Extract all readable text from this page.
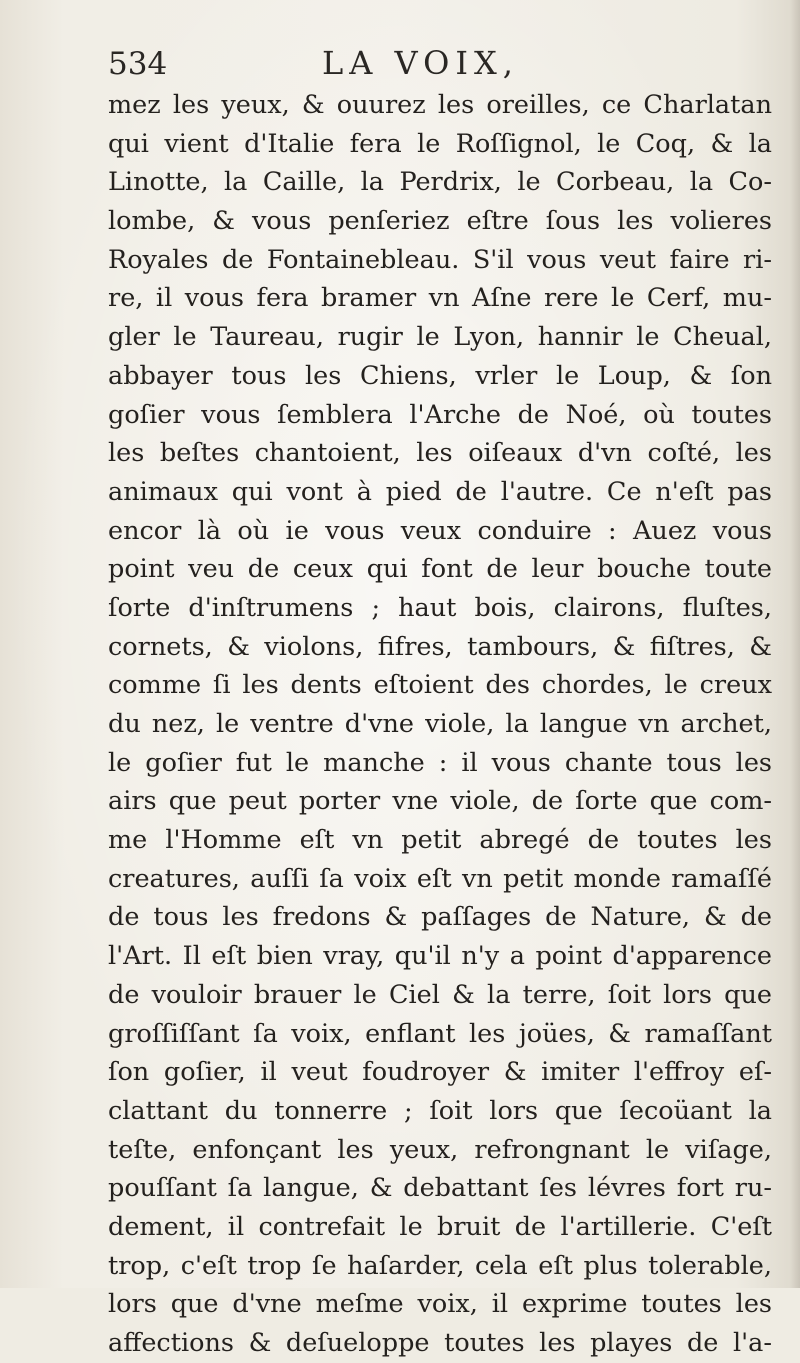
534	LA VOIX,
mez les yeux, & ouurez les oreilles, ce Charlatan
qui vient d'Italie fera le Roſſignol, le Coq, & la
Linotte, la Caille, la Perdrix, le Corbeau, la Co-
lombe, & vous penſeriez eſtre ſous les volieres
Royales de Fontainebleau. S'il vous veut faire ri-
re, il vous fera bramer vn Aſne rere le Cerf, mu-
gler le Taureau, rugir le Lyon, hannir le Cheual,
abbayer tous les Chiens, vrler le Loup, & ſon
goſier vous ſemblera l'Arche de Noé, où toutes
les beſtes chantoient, les oiſeaux d'vn coſté, les
animaux qui vont à pied de l'autre. Ce n'eſt pas
encor là où ie vous veux conduire : Auez vous
point veu de ceux qui font de leur bouche toute
ſorte d'inſtrumens ; haut bois, clairons, fluſtes,
cornets, & violons, fifres, tambours, & fiſtres, &
comme ſi les dents eſtoient des chordes, le creux
du nez, le ventre d'vne viole, la langue vn archet,
le goſier fut le manche : il vous chante tous les
airs que peut porter vne viole, de ſorte que com-
me l'Homme eſt vn petit abregé de toutes les
creatures, auſſi ſa voix eſt vn petit monde ramaſſé
de tous les fredons & paſſages de Nature, & de
l'Art. Il eſt bien vray, qu'il n'y a point d'apparence
de vouloir brauer le Ciel & la terre, ſoit lors que
groſſiſſant ſa voix, enflant les joües, & ramaſſant
ſon goſier, il veut foudroyer & imiter l'effroy eſ-
clattant du tonnerre ; ſoit lors que ſecoüant la
teſte, enfonçant les yeux, refrongnant le viſage,
pouſſant ſa langue, & debattant ſes lévres fort ru-
dement, il contrefait le bruit de l'artillerie. C'eſt
trop, c'eſt trop ſe haſarder, cela eſt plus tolerable,
lors que d'vne meſme voix, il exprime toutes les
affections & deſueloppe toutes les playes de l'a-
